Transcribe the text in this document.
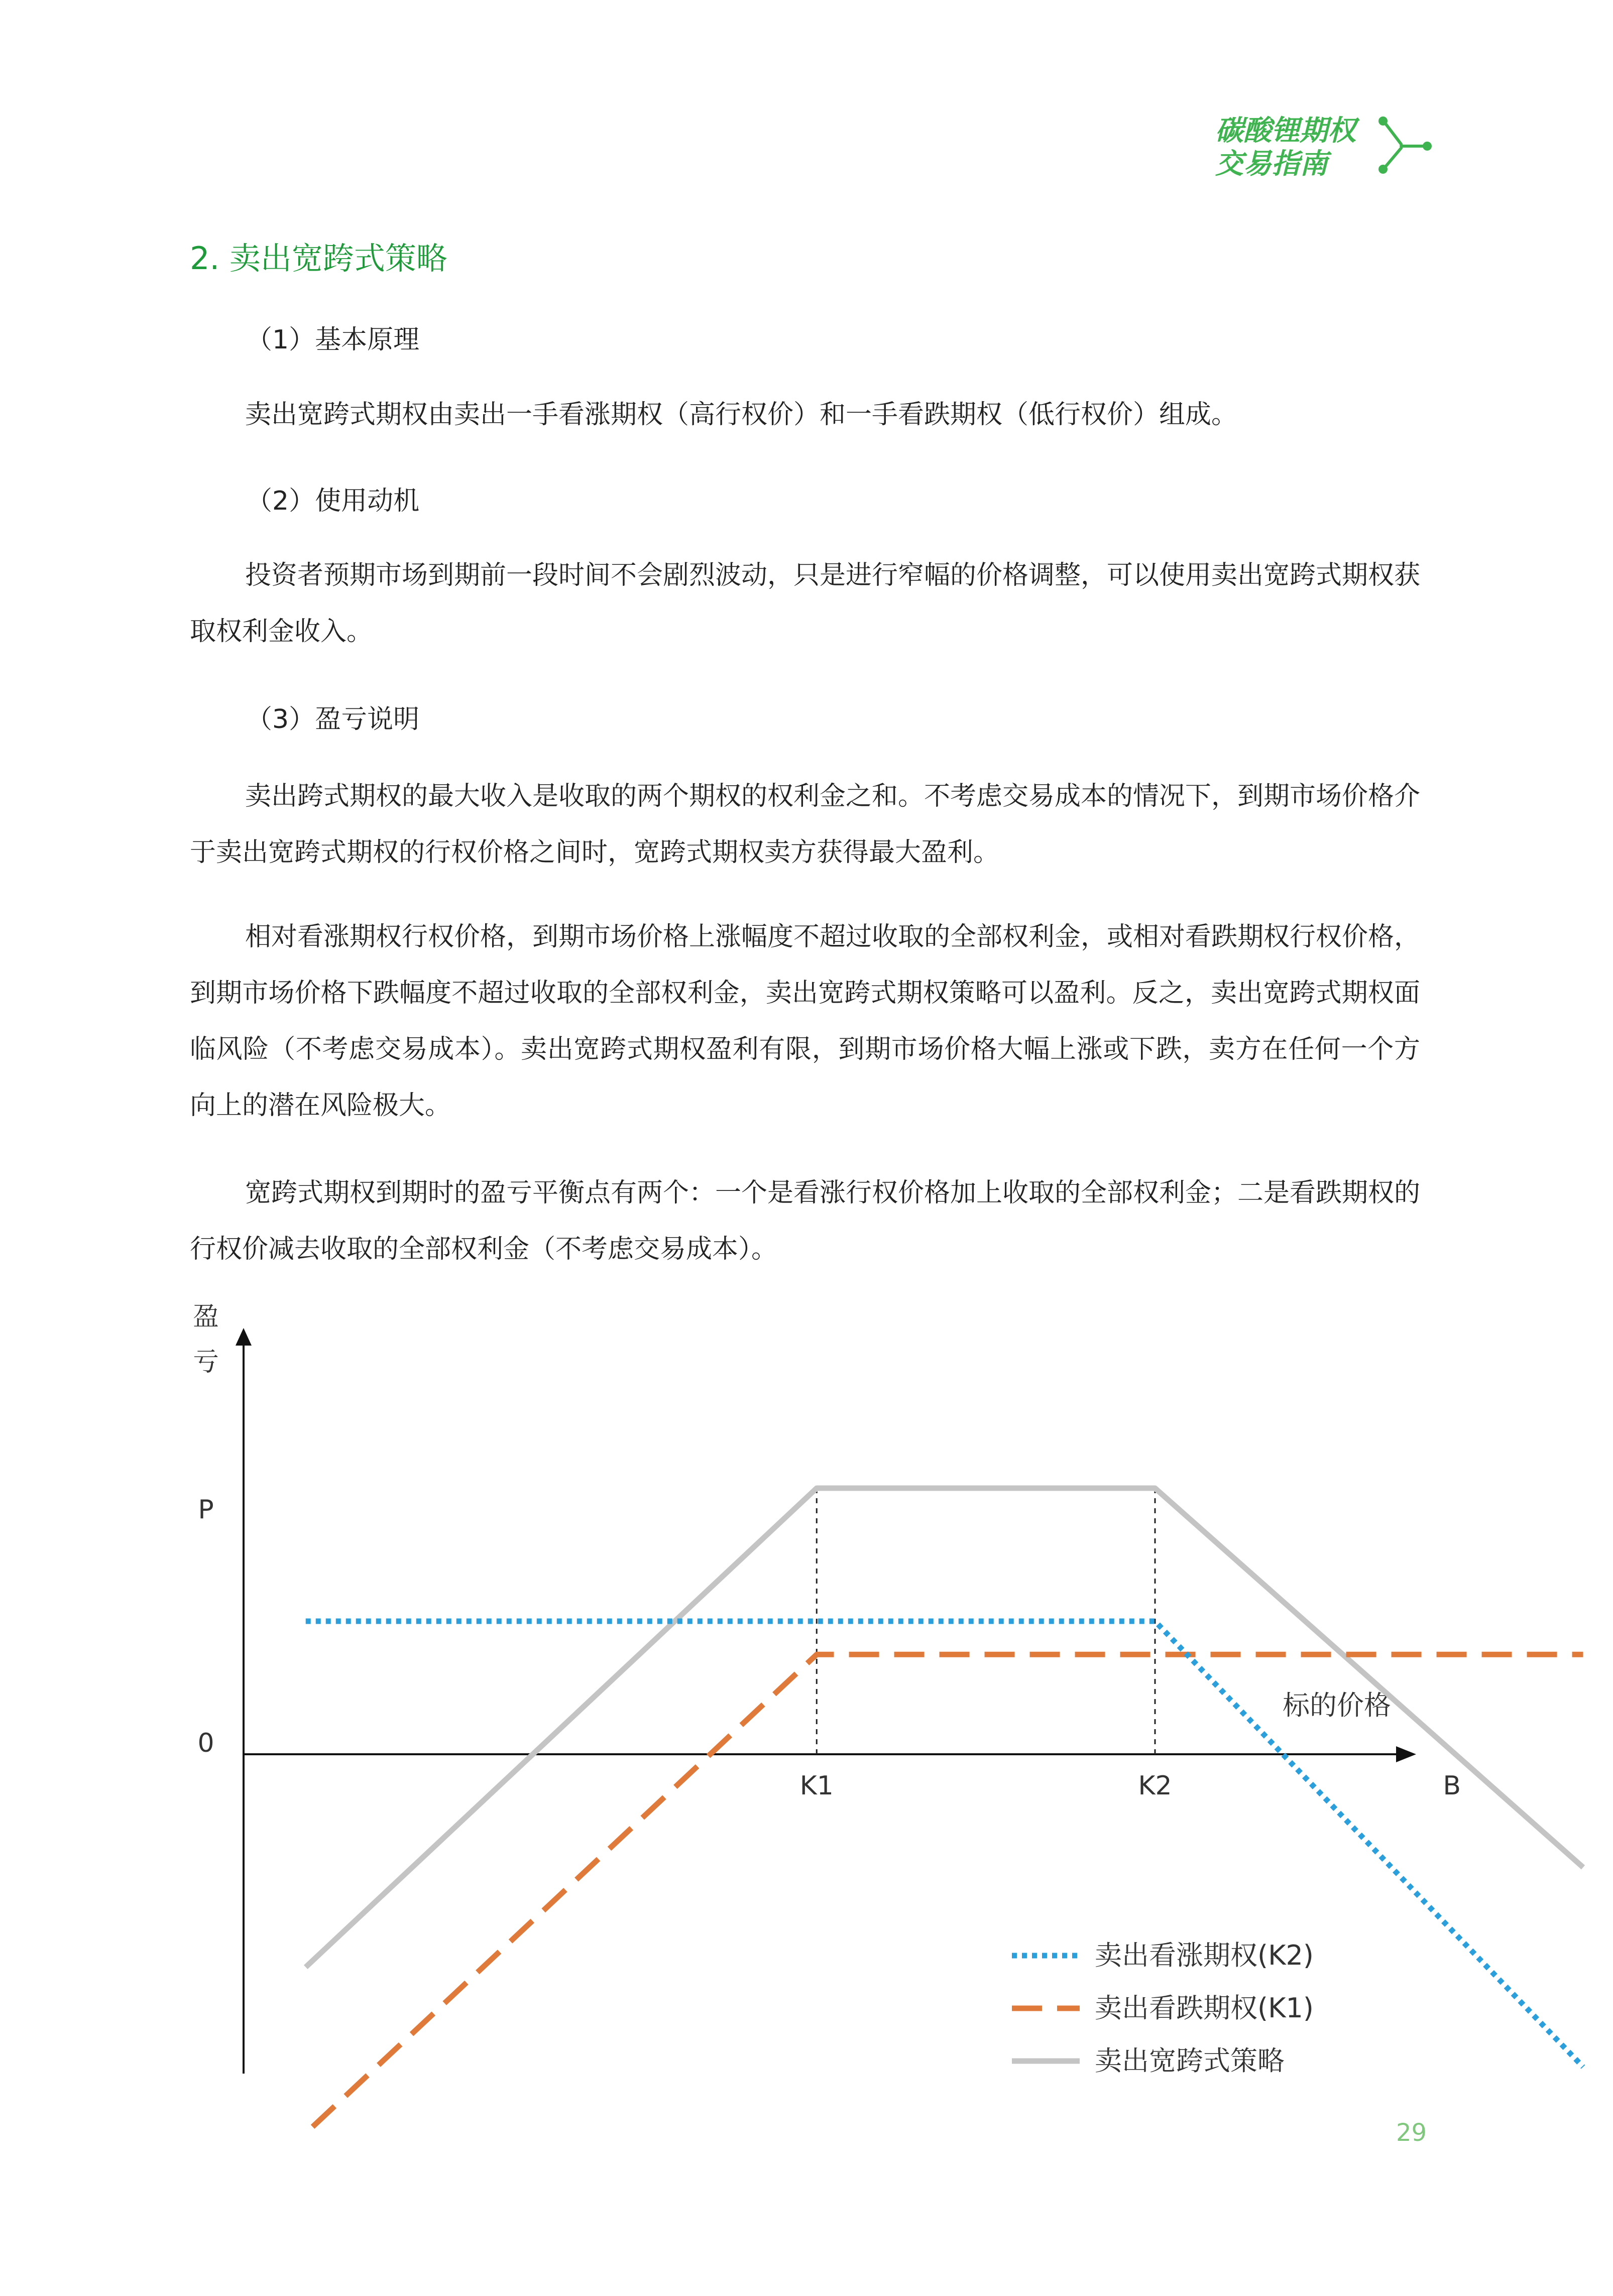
碳酸锂期权
交易指南
2. 卖出宽跨式策略
（1）基本原理
卖出宽跨式期权由卖出一手看涨期权（高行权价）和一手看跌期权（低行权价）组成。
（2）使用动机
投资者预期市场到期前一段时间不会剧烈波动，只是进行窄幅的价格调整，可以使用卖出宽跨式期权获取权利金收入。
（3）盈亏说明
卖出跨式期权的最大收入是收取的两个期权的权利金之和。不考虑交易成本的情况下，到期市场价格介于卖出宽跨式期权的行权价格之间时，宽跨式期权卖方获得最大盈利。
相对看涨期权行权价格，到期市场价格上涨幅度不超过收取的全部权利金，或相对看跌期权行权价格，到期市场价格下跌幅度不超过收取的全部权利金，卖出宽跨式期权策略可以盈利。反之，卖出宽跨式期权面临风险（不考虑交易成本）。卖出宽跨式期权盈利有限，到期市场价格大幅上涨或下跌，卖方在任何一个方向上的潜在风险极大。
宽跨式期权到期时的盈亏平衡点有两个：一个是看涨行权价格加上收取的全部权利金；二是看跌期权的行权价减去收取的全部权利金（不考虑交易成本）。
盈
亏
标的价格
P
0
K1	K2	B
卖出看涨期权(K2)
卖出看跌期权(K1)
卖出宽跨式策略
29
